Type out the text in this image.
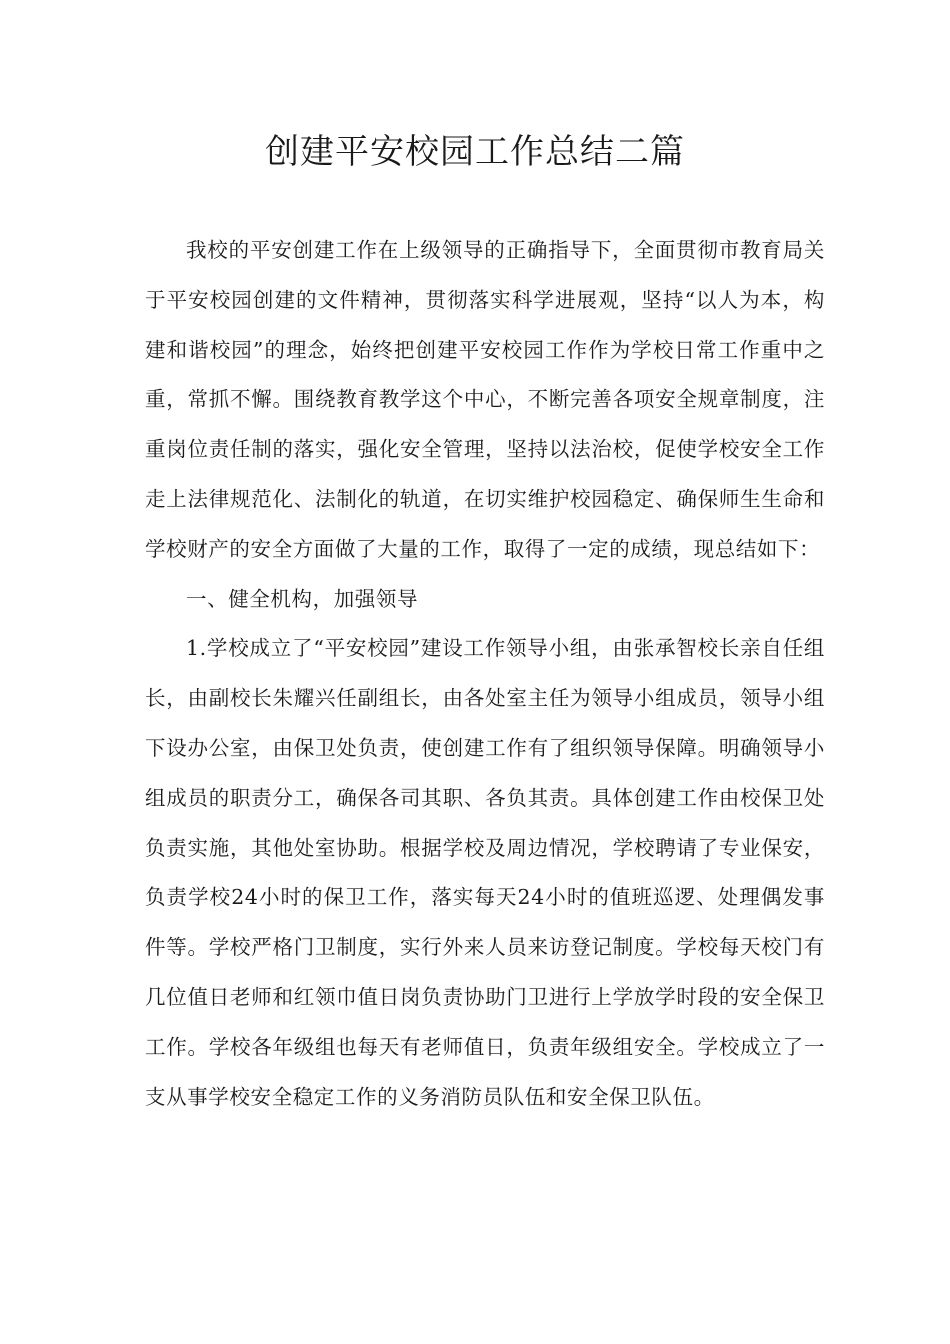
创建平安校园工作总结二篇

我校的平安创建工作在上级领导的正确指导下，全面贯彻市教育局关于平安校园创建的文件精神，贯彻落实科学进展观，坚持“以人为本，构建和谐校园”的理念，始终把创建平安校园工作作为学校日常工作重中之重，常抓不懈。围绕教育教学这个中心，不断完善各项安全规章制度，注重岗位责任制的落实，强化安全管理，坚持以法治校，促使学校安全工作走上法律规范化、法制化的轨道，在切实维护校园稳定、确保师生生命和学校财产的安全方面做了大量的工作，取得了一定的成绩，现总结如下：

一、健全机构，加强领导

1.学校成立了“平安校园”建设工作领导小组，由张承智校长亲自任组长，由副校长朱耀兴任副组长，由各处室主任为领导小组成员，领导小组下设办公室，由保卫处负责，使创建工作有了组织领导保障。明确领导小组成员的职责分工，确保各司其职、各负其责。具体创建工作由校保卫处负责实施，其他处室协助。根据学校及周边情况，学校聘请了专业保安，负责学校24小时的保卫工作，落实每天24小时的值班巡逻、处理偶发事件等。学校严格门卫制度，实行外来人员来访登记制度。学校每天校门有几位值日老师和红领巾值日岗负责协助门卫进行上学放学时段的安全保卫工作。学校各年级组也每天有老师值日，负责年级组安全。学校成立了一支从事学校安全稳定工作的义务消防员队伍和安全保卫队伍。
